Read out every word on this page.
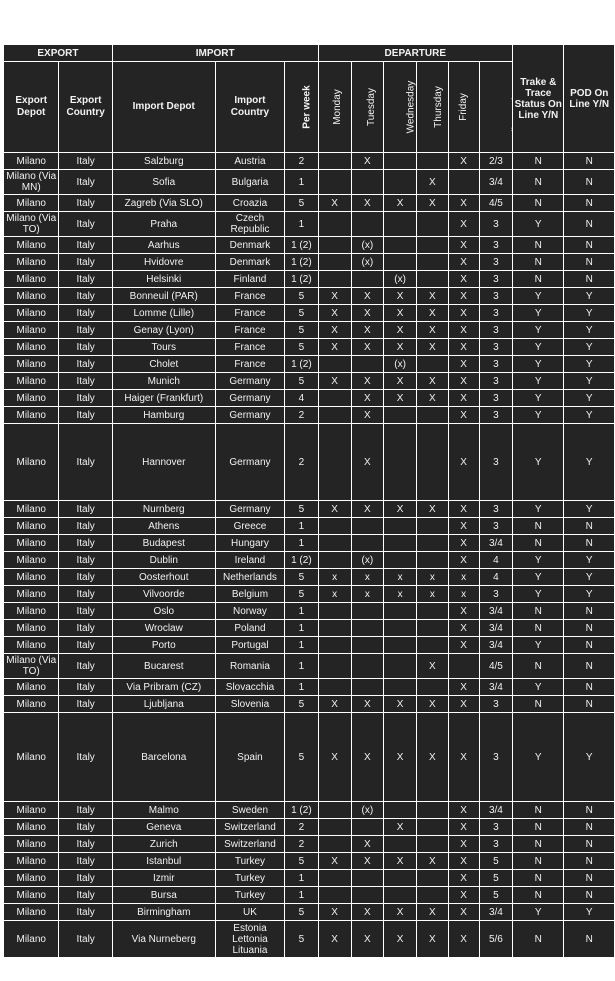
EXPORT		IMPORT			DEPARTURE						Trake & Trace Status On Line Y/N	POD On Line Y/N
Export Depot	Export Country	Import Depot	Import Country	Per week	Monday	Tuesday	Wednesday	Thursday	Friday	
Milano	Italy	Salzburg	Austria	2		X			X	2/3	N	N
Milano (Via MN)	Italy	Sofia	Bulgaria	1				X		3/4	N	N
Milano	Italy	Zagreb (Via SLO)	Croazia	5	X	X	X	X	X	4/5	N	N
Milano (Via TO)	Italy	Praha	Czech Republic	1					X	3	Y	N
Milano	Italy	Aarhus	Denmark	1 (2)		(x)			X	3	N	N
Milano	Italy	Hvidovre	Denmark	1 (2)		(x)			X	3	N	N
Milano	Italy	Helsinki	Finland	1 (2)			(x)		X	3	N	N
Milano	Italy	Bonneuil (PAR)	France	5	X	X	X	X	X	3	Y	Y
Milano	Italy	Lomme (Lille)	France	5	X	X	X	X	X	3	Y	Y
Milano	Italy	Genay (Lyon)	France	5	X	X	X	X	X	3	Y	Y
Milano	Italy	Tours	France	5	X	X	X	X	X	3	Y	Y
Milano	Italy	Cholet	France	1 (2)			(x)		X	3	Y	Y
Milano	Italy	Munich	Germany	5	X	X	X	X	X	3	Y	Y
Milano	Italy	Haiger (Frankfurt)	Germany	4		X	X	X	X	3	Y	Y
Milano	Italy	Hamburg	Germany	2		X			X	3	Y	Y
Milano	Italy	Hannover	Germany	2		X			X	3	Y	Y
Milano	Italy	Nurnberg	Germany	5	X	X	X	X	X	3	Y	Y
Milano	Italy	Athens	Greece	1					X	3	N	N
Milano	Italy	Budapest	Hungary	1					X	3/4	N	N
Milano	Italy	Dublin	Ireland	1 (2)		(x)			X	4	Y	Y
Milano	Italy	Oosterhout	Netherlands	5	x	x	x	x	x	4	Y	Y
Milano	Italy	Vilvoorde	Belgium	5	x	x	x	x	x	3	Y	Y
Milano	Italy	Oslo	Norway	1					X	3/4	N	N
Milano	Italy	Wroclaw	Poland	1					X	3/4	N	N
Milano	Italy	Porto	Portugal	1					X	3/4	Y	N
Milano (Via TO)	Italy	Bucarest	Romania	1				X		4/5	N	N
Milano	Italy	Via Pribram (CZ)	Slovacchia	1					X	3/4	Y	N
Milano	Italy	Ljubljana	Slovenia	5	X	X	X	X	X	3	N	N
Milano	Italy	Barcelona	Spain	5	X	X	X	X	X	3	Y	Y
Milano	Italy	Malmo	Sweden	1 (2)		(x)			X	3/4	N	N
Milano	Italy	Geneva	Switzerland	2			X		X	3	N	N
Milano	Italy	Zurich	Switzerland	2		X			X	3	N	N
Milano	Italy	Istanbul	Turkey	5	X	X	X	X	X	5	N	N
Milano	Italy	Izmir	Turkey	1					X	5	N	N
Milano	Italy	Bursa	Turkey	1					X	5	N	N
Milano	Italy	Birmingham	UK	5	X	X	X	X	X	3/4	Y	Y
Milano	Italy	Via Nurneberg	Estonia Lettonia Lituania	5	X	X	X	X	X	5/6	N	N
